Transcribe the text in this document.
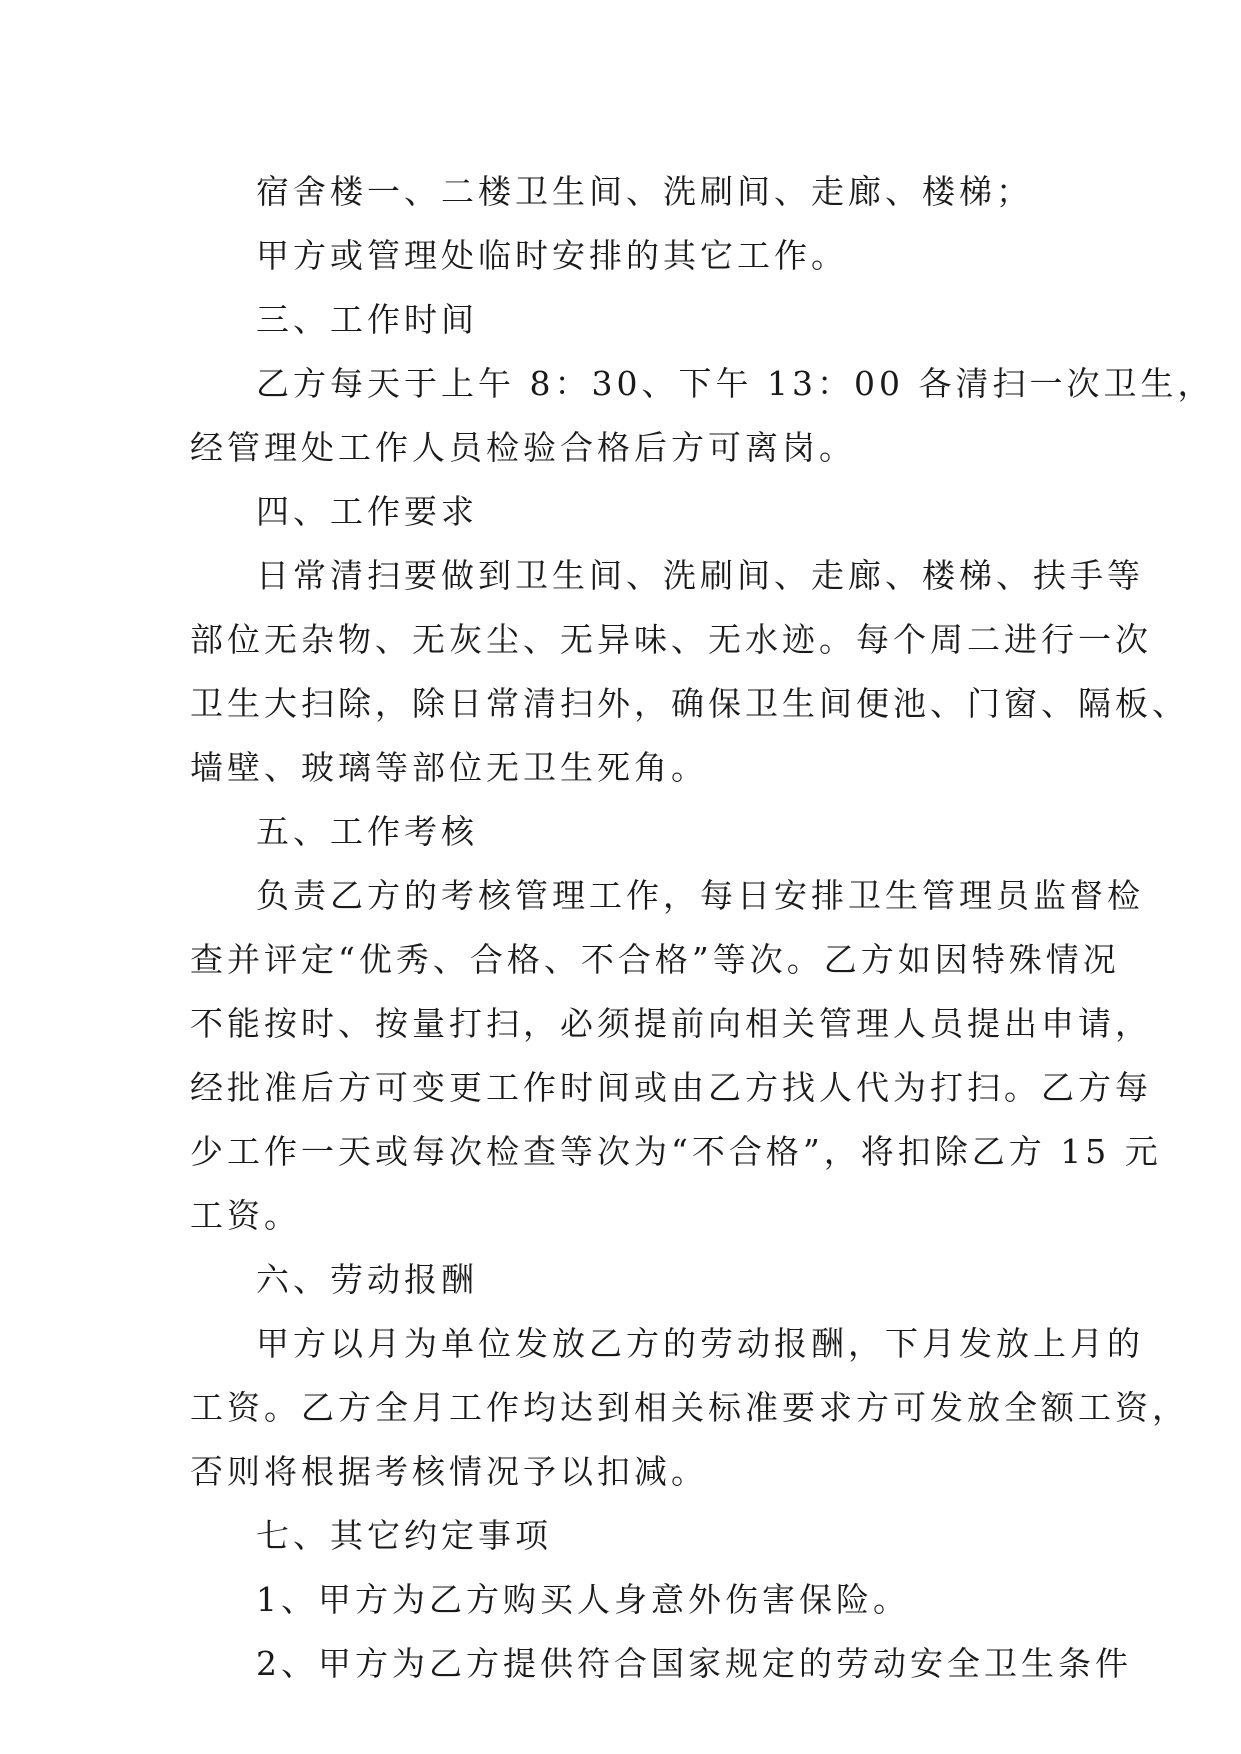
宿舍楼一、二楼卫生间、洗刷间、走廊、楼梯；
甲方或管理处临时安排的其它工作。
三、工作时间
乙方每天于上午 8：30、下午 13：00 各清扫一次卫生，
经管理处工作人员检验合格后方可离岗。
四、工作要求
日常清扫要做到卫生间、洗刷间、走廊、楼梯、扶手等
部位无杂物、无灰尘、无异味、无水迹。每个周二进行一次
卫生大扫除，除日常清扫外，确保卫生间便池、门窗、隔板、
墙壁、玻璃等部位无卫生死角。
五、工作考核
负责乙方的考核管理工作，每日安排卫生管理员监督检
查并评定“优秀、合格、不合格”等次。乙方如因特殊情况
不能按时、按量打扫，必须提前向相关管理人员提出申请，
经批准后方可变更工作时间或由乙方找人代为打扫。乙方每
少工作一天或每次检查等次为“不合格”，将扣除乙方 15 元
工资。
六、劳动报酬
甲方以月为单位发放乙方的劳动报酬，下月发放上月的
工资。乙方全月工作均达到相关标准要求方可发放全额工资，
否则将根据考核情况予以扣减。
七、其它约定事项
1、甲方为乙方购买人身意外伤害保险。
2、甲方为乙方提供符合国家规定的劳动安全卫生条件
